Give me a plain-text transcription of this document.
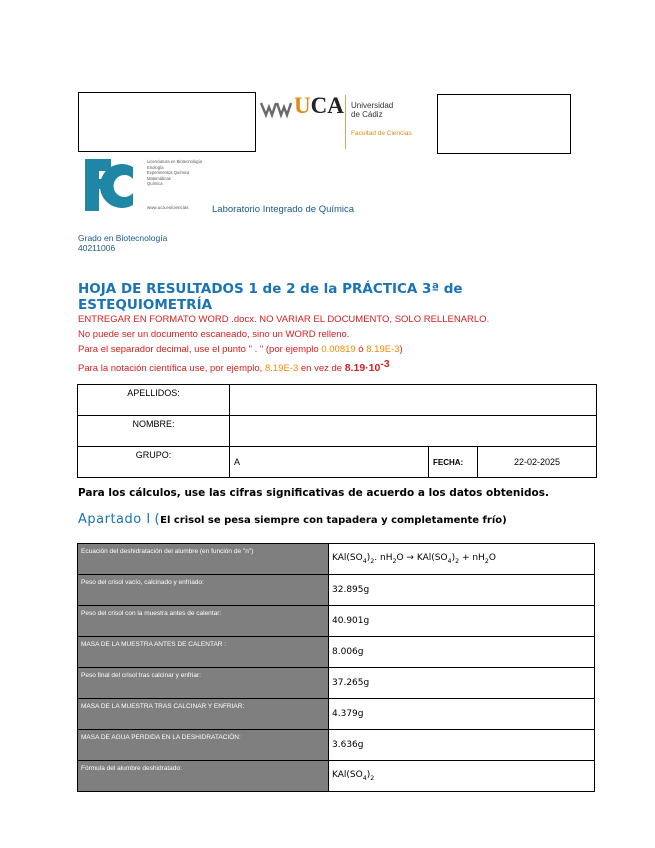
UCA Universidad
de Cádiz
Facultad de Ciencias
Licenciatura en Biotecnología
Enología
Experimentos Química
Matemáticas
Química
www.uca.es/ciencias Laboratorio Integrado de Química
Grado en Biotecnología
40211006
HOJA DE RESULTADOS 1 de 2 de la PRÁCTICA 3ª de ESTEQUIOMETRÍA
ENTREGAR EN FORMATO WORD .docx. NO VARIAR EL DOCUMENTO, SOLO RELLENARLO.
No puede ser un documento escaneado, sino un WORD relleno.
Para el separador decimal, use el punto " . " (por ejemplo 0.00819 ó 8.19E-3)
Para la notación científica use, por ejemplo, 8.19E-3 en vez de $8.19\cdot 10^{-3}$
APELLIDOS:			
NOMBRE:			
GRUPO:	A	FECHA:	22-02-2025
Para los cálculos, use las cifras significativas de acuerdo a los datos obtenidos.
Apartado I (El crisol se pesa siempre con tapadera y completamente frío)
Ecuación del deshidratación del alumbre (en función de "n")	$KAl(SO_4)_2$. $nH_2O \to KAl(SO_4)_2 + nH_2O$
Peso del crisol vacío, calcinado y enfriado:	32.895g
Peso del crisol con la muestra antes de calentar:	40.901g
MASA DE LA MUESTRA ANTES DE CALENTAR :	8.006g
Peso final del crisol tras calcinar y enfriar:	37.265g
MASA DE LA MUESTRA TRAS CALCINAR Y ENFRIAR:	4.379g
MASA DE AGUA PERDIDA EN LA DESHIDRATACIÓN:	3.636g
Fórmula del alumbre deshidratado:	$KAl(SO_4)_2$
